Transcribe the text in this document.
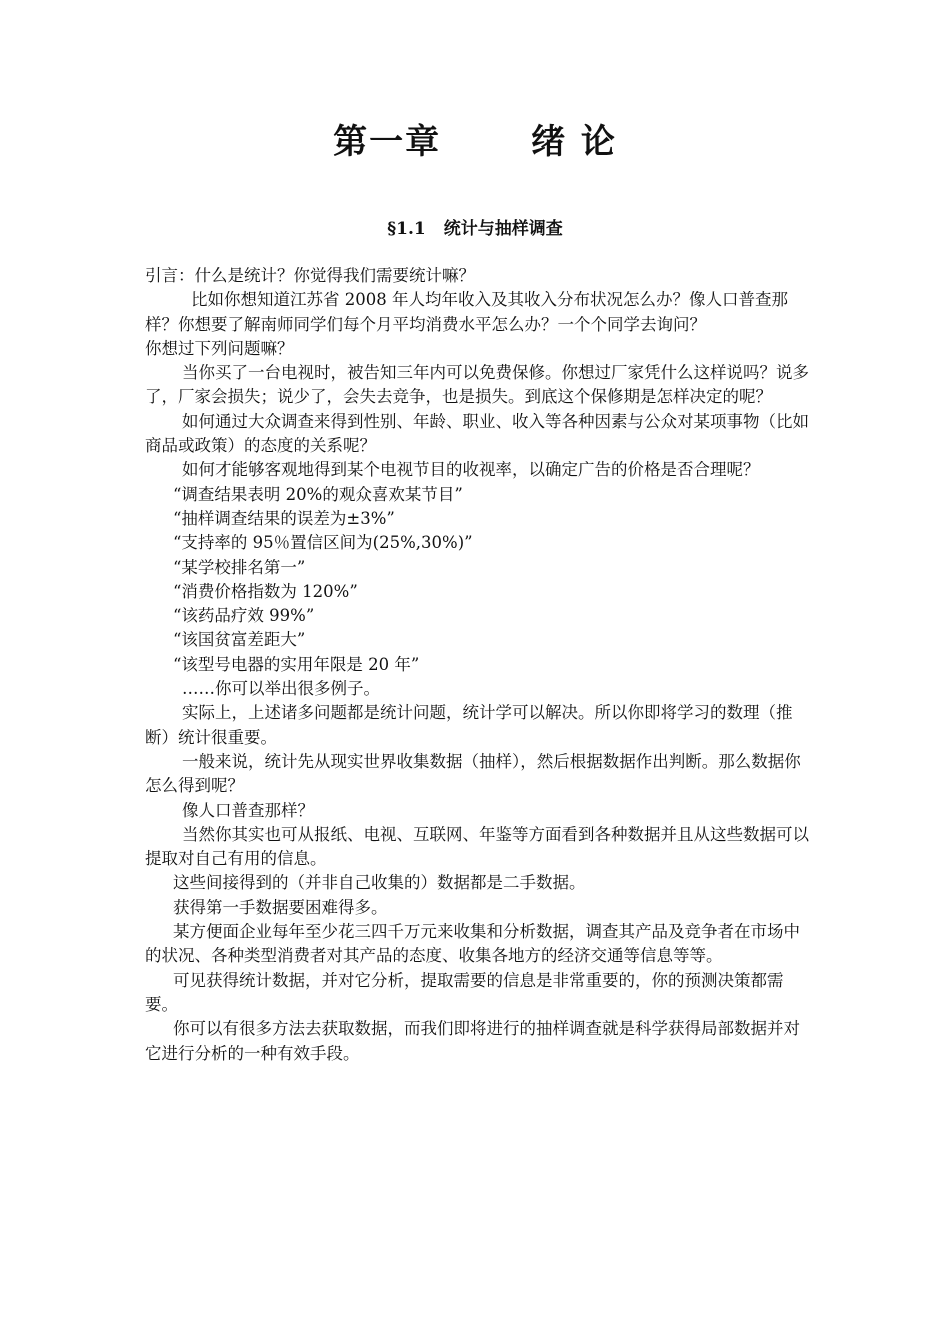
第一章	绪 论
§1.1 统计与抽样调查

引言：什么是统计？你觉得我们需要统计嘛？

比如你想知道江苏省 2008 年人均年收入及其收入分布状况怎么办？像人口普查那样？你想要了解南师同学们每个月平均消费水平怎么办？一个个同学去询问？

你想过下列问题嘛？

当你买了一台电视时，被告知三年内可以免费保修。你想过厂家凭什么这样说吗？说多了，厂家会损失；说少了，会失去竞争，也是损失。到底这个保修期是怎样决定的呢？

如何通过大众调查来得到性别、年龄、职业、收入等各种因素与公众对某项事物（比如商品或政策）的态度的关系呢？

如何才能够客观地得到某个电视节目的收视率，以确定广告的价格是否合理呢？

“调查结果表明 20%的观众喜欢某节目”

“抽样调查结果的误差为±3%”

“支持率的 95％置信区间为(25%,30%)”

“某学校排名第一”

“消费价格指数为 120%”

“该药品疗效 99%”

“该国贫富差距大”

“该型号电器的实用年限是 20 年”

……你可以举出很多例子。

实际上，上述诸多问题都是统计问题，统计学可以解决。所以你即将学习的数理（推断）统计很重要。

一般来说，统计先从现实世界收集数据（抽样），然后根据数据作出判断。那么数据你怎么得到呢？

像人口普查那样？

当然你其实也可从报纸、电视、互联网、年鉴等方面看到各种数据并且从这些数据可以提取对自己有用的信息。

这些间接得到的（并非自己收集的）数据都是二手数据。

获得第一手数据要困难得多。

某方便面企业每年至少花三四千万元来收集和分析数据，调查其产品及竞争者在市场中的状况、各种类型消费者对其产品的态度、收集各地方的经济交通等信息等等。

可见获得统计数据，并对它分析，提取需要的信息是非常重要的，你的预测决策都需要。

你可以有很多方法去获取数据，而我们即将进行的抽样调查就是科学获得局部数据并对它进行分析的一种有效手段。
